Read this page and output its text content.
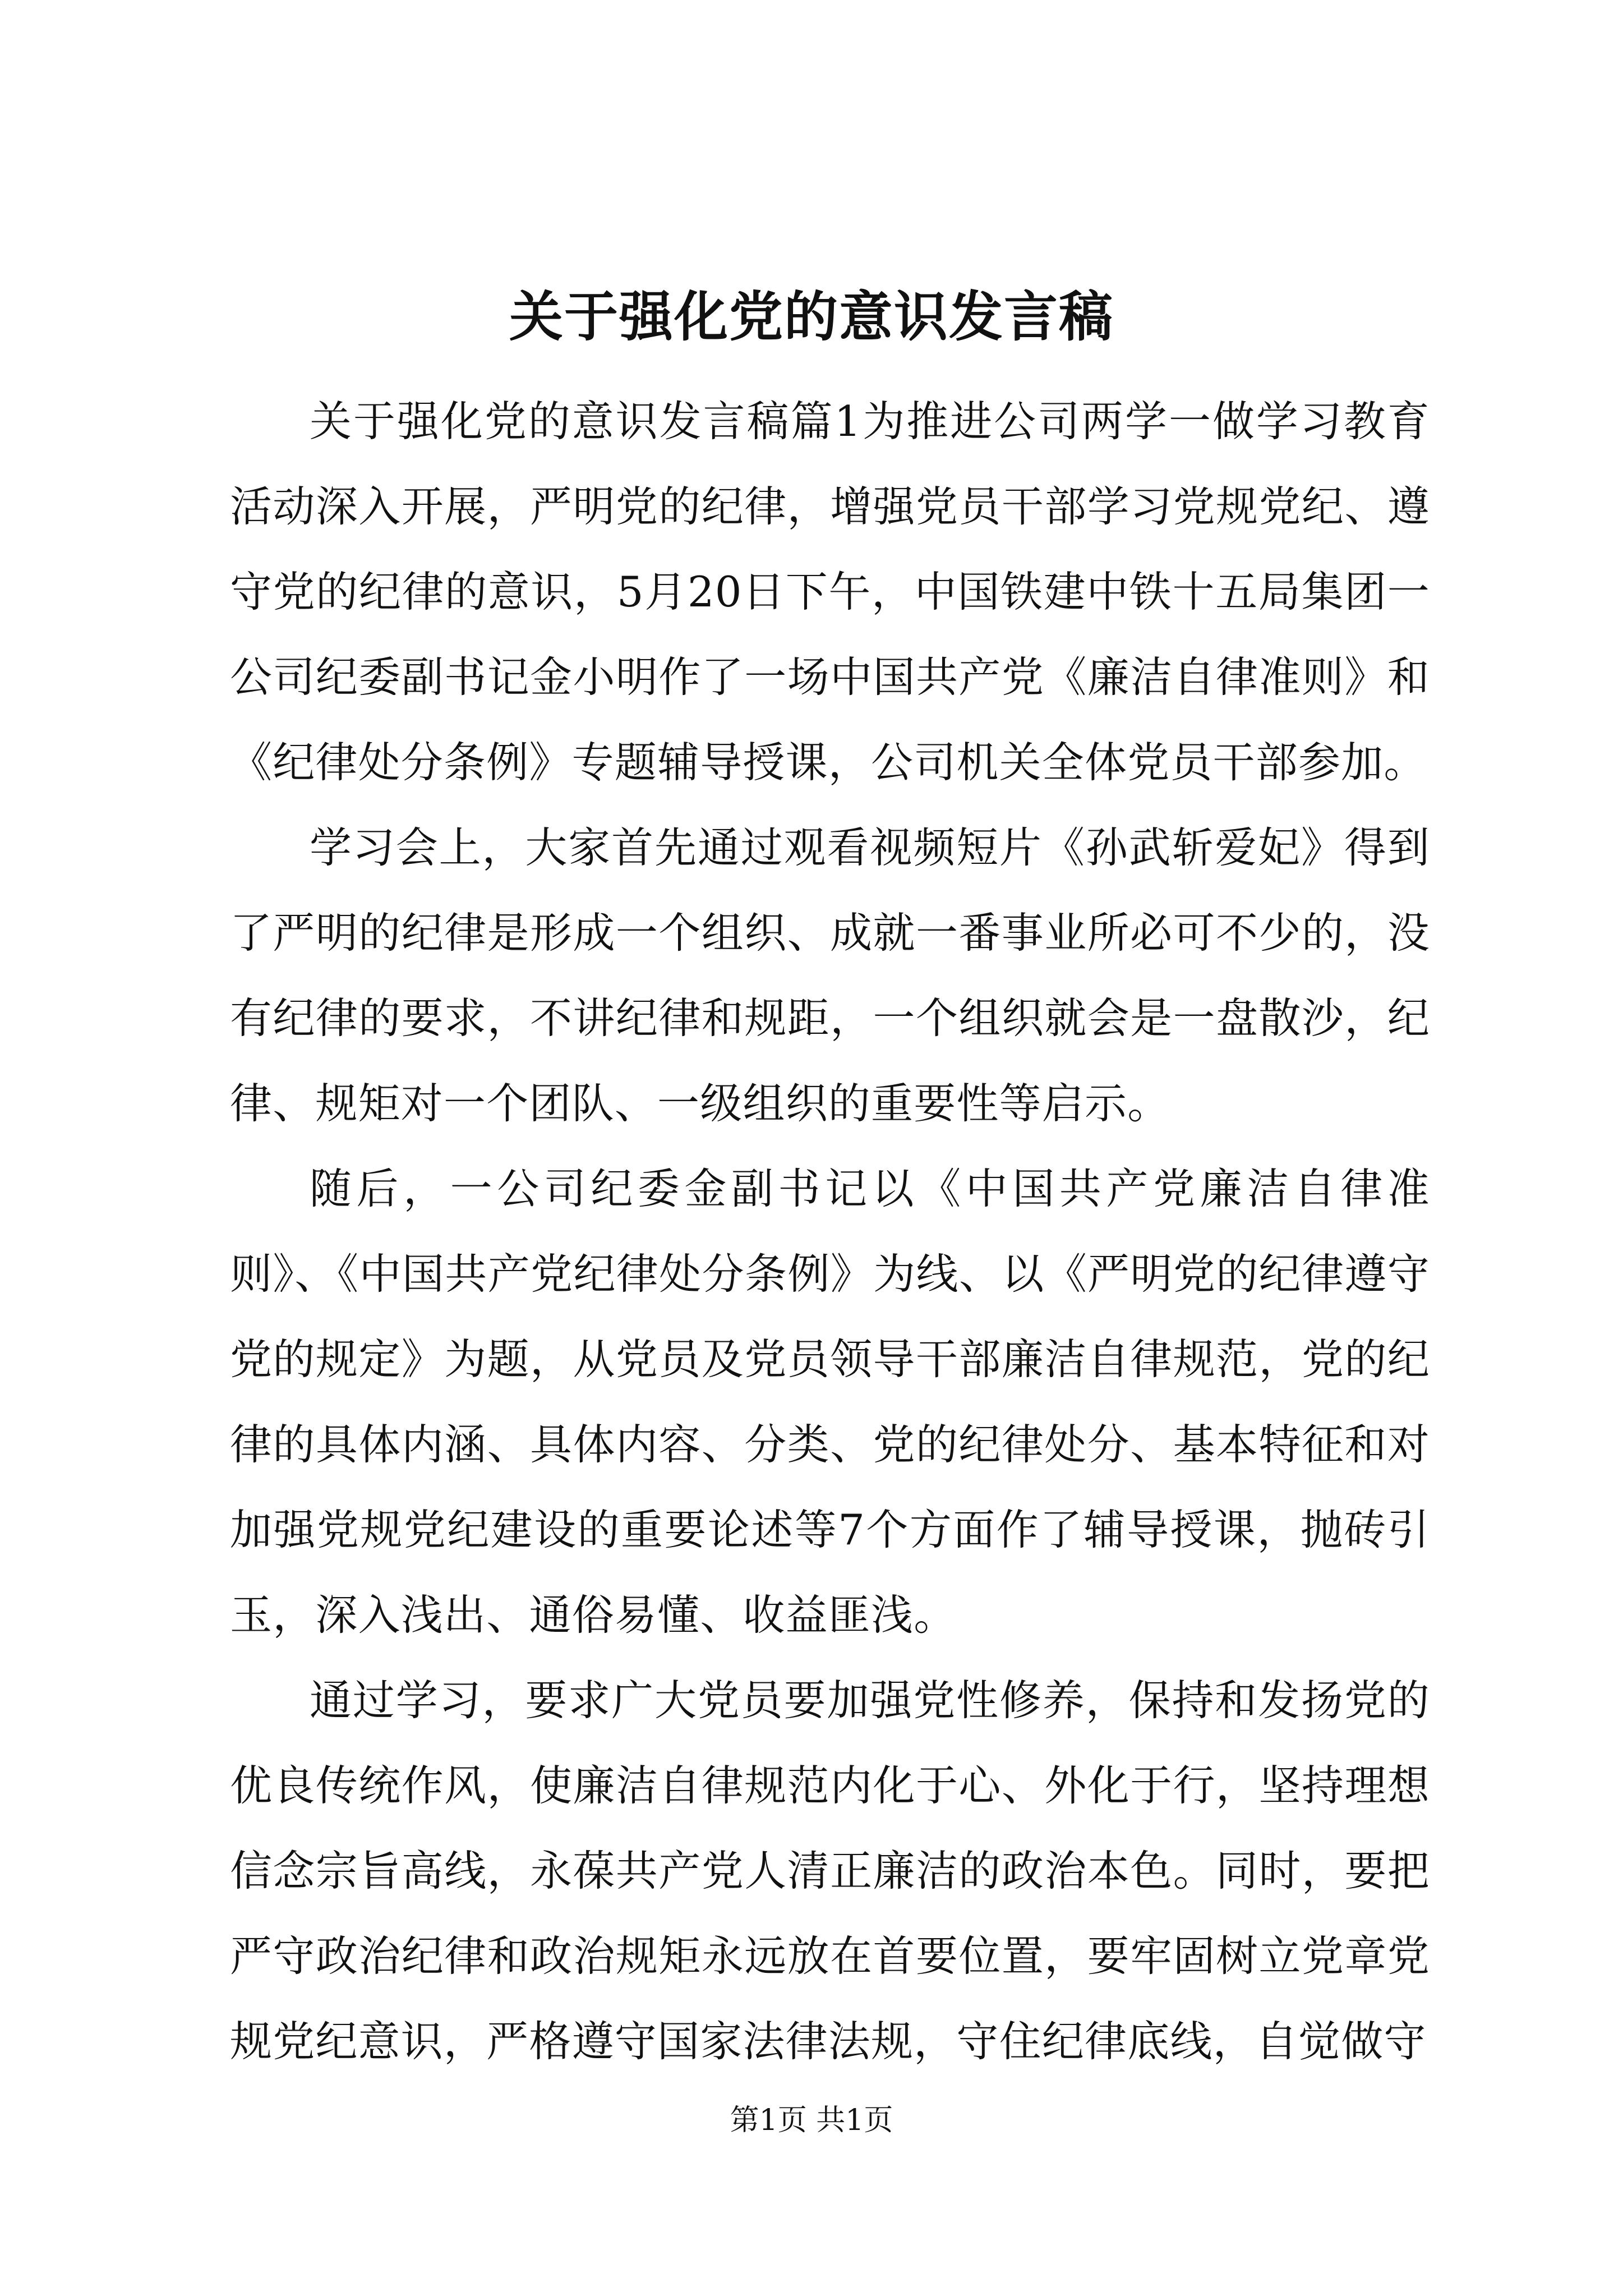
关于强化党的意识发言稿

关于强化党的意识发言稿篇1为推进公司两学一做学习教育活动深入开展，严明党的纪律，增强党员干部学习党规党纪、遵守党的纪律的意识，5月20日下午，中国铁建中铁十五局集团一公司纪委副书记金小明作了一场中国共产党《廉洁自律准则》和《纪律处分条例》专题辅导授课，公司机关全体党员干部参加。

学习会上，大家首先通过观看视频短片《孙武斩爱妃》得到了严明的纪律是形成一个组织、成就一番事业所必可不少的，没有纪律的要求，不讲纪律和规距，一个组织就会是一盘散沙，纪律、规矩对一个团队、一级组织的重要性等启示。

随后，一公司纪委金副书记以《中国共产党廉洁自律准则》、《中国共产党纪律处分条例》为线、以《严明党的纪律遵守党的规定》为题，从党员及党员领导干部廉洁自律规范，党的纪律的具体内涵、具体内容、分类、党的纪律处分、基本特征和对加强党规党纪建设的重要论述等7个方面作了辅导授课，抛砖引玉，深入浅出、通俗易懂、收益匪浅。

通过学习，要求广大党员要加强党性修养，保持和发扬党的优良传统作风，使廉洁自律规范内化于心、外化于行，坚持理想信念宗旨高线，永葆共产党人清正廉洁的政治本色。同时，要把严守政治纪律和政治规矩永远放在首要位置，要牢固树立党章党规党纪意识，严格遵守国家法律法规，守住纪律底线，自觉做守

第1页 共1页
